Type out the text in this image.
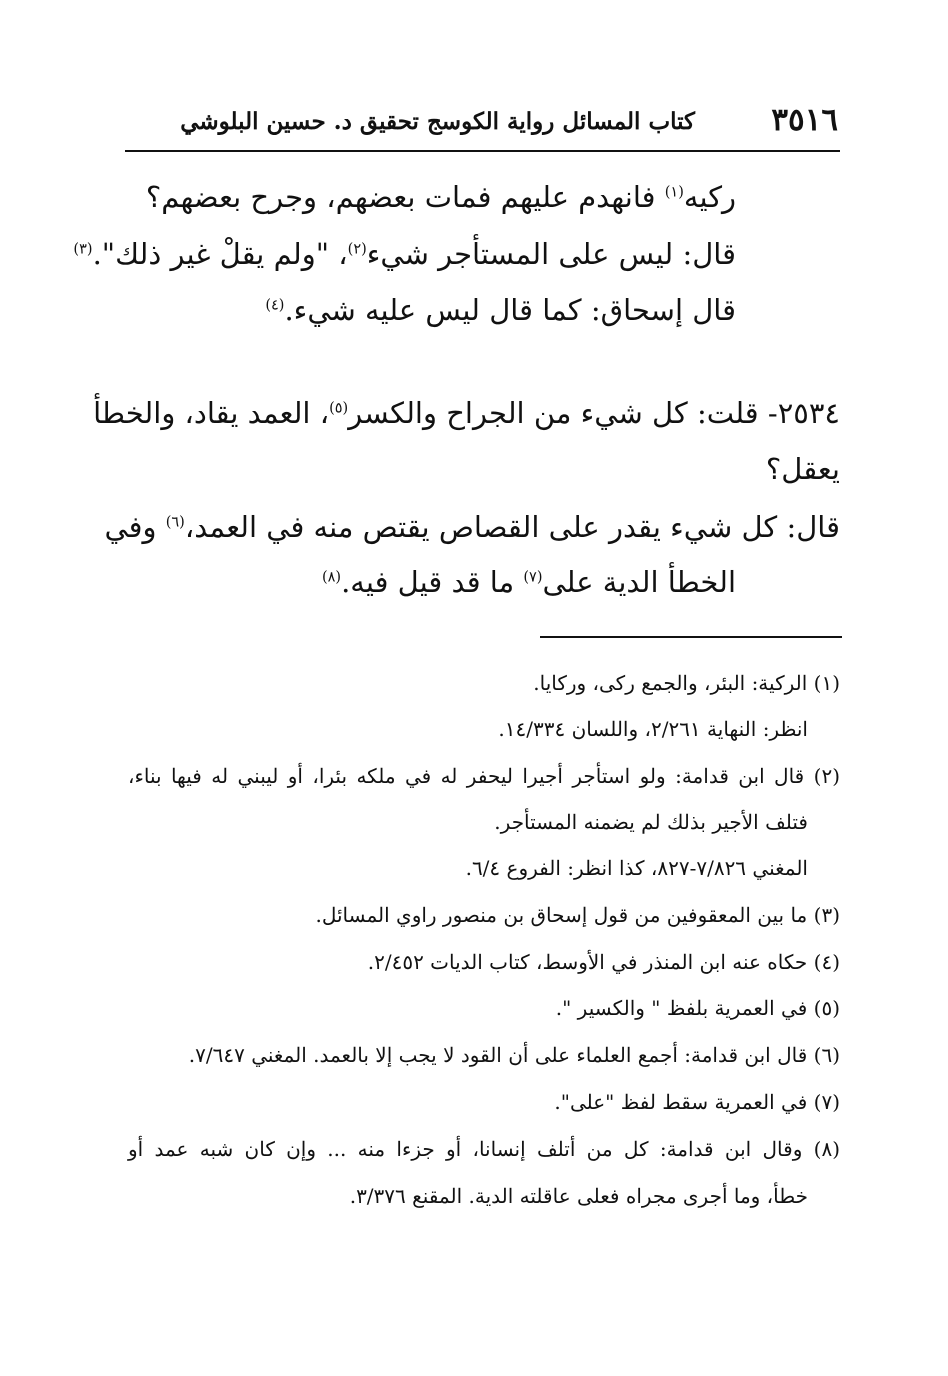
٣٥١٦
كتاب المسائل رواية الكوسج تحقيق د. حسين البلوشي
ركيه$^{(١)}$ فانهدم عليهم فمات بعضهم، وجرح بعضهم؟
قال: ليس على المستأجر شيء$^{(٢)}$، "ولم يقلْ غير ذلك".$^{(٣)}$
قال إسحاق: كما قال ليس عليه شيء.$^{(٤)}$
٢٥٣٤- قلت: كل شيء من الجراح والكسر$^{(٥)}$، العمد يقاد، والخطأ
يعقل؟
قال: كل شيء يقدر على القصاص يقتص منه في العمد،$^{(٦)}$ وفي
الخطأ الدية على$^{(٧)}$ ما قد قيل فيه.$^{(٨)}$
(١) الركية: البئر، والجمع ركى، وركايا.
انظر: النهاية ٢/٢٦١، واللسان ١٤/٣٣٤.
(٢) قال ابن قدامة: ولو استأجر أجيرا ليحفر له في ملكه بئرا، أو ليبني له فيها بناء،
فتلف الأجير بذلك لم يضمنه المستأجر.
المغني ٧/٨٢٦-٨٢٧، كذا انظر: الفروع ٦/٤.
(٣) ما بين المعقوفين من قول إسحاق بن منصور راوي المسائل.
(٤) حكاه عنه ابن المنذر في الأوسط، كتاب الديات ٢/٤٥٢.
(٥) في العمرية بلفظ " والكسير ".
(٦) قال ابن قدامة: أجمع العلماء على أن القود لا يجب إلا بالعمد. المغني ٧/٦٤٧.
(٧) في العمرية سقط لفظ "على".
(٨) وقال ابن قدامة: كل من أتلف إنسانا، أو جزءا منه ... وإن كان شبه عمد أو
خطأ، وما أجرى مجراه فعلى عاقلته الدية. المقنع ٣/٣٧٦.
